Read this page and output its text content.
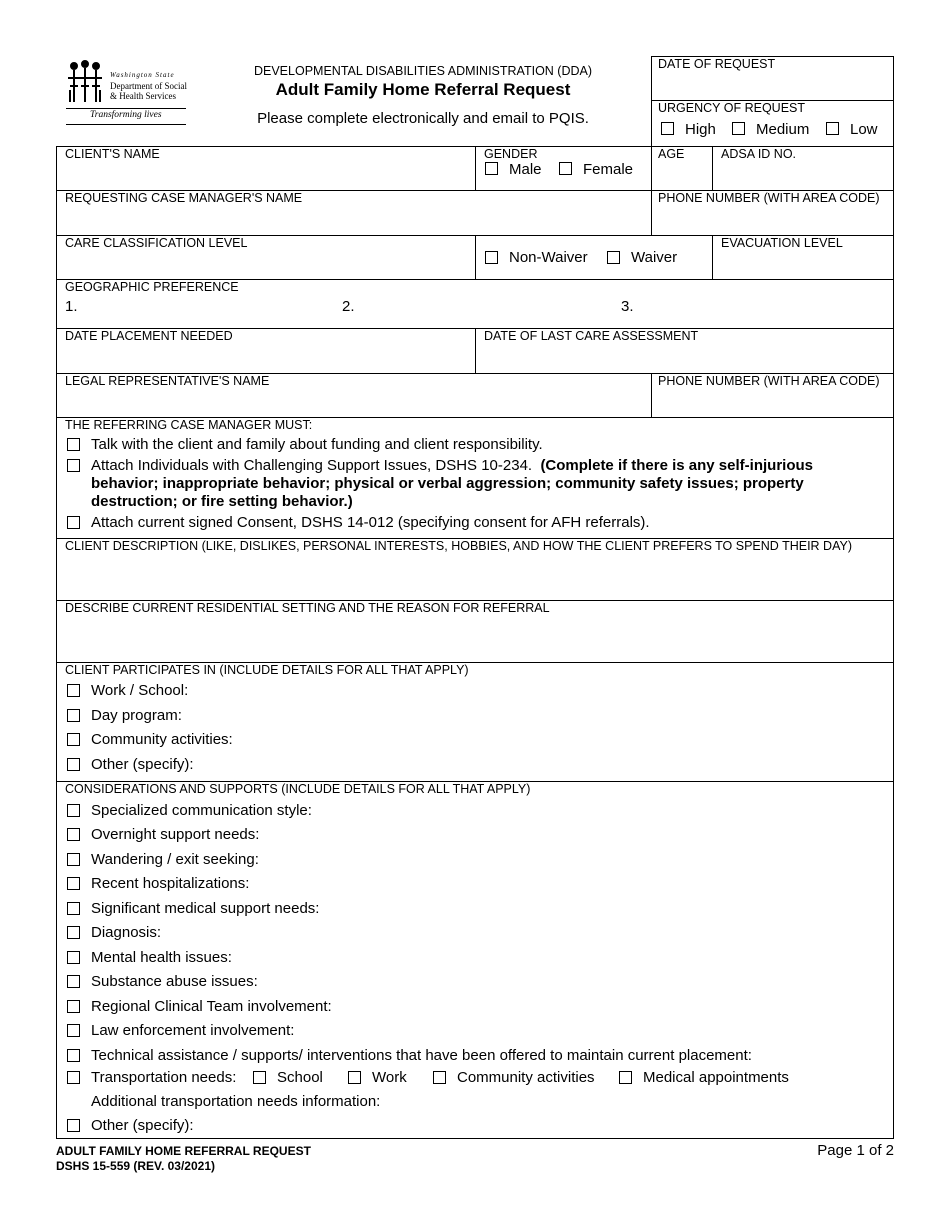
Washington State
Department of Social & Health Services
Transforming lives
DEVELOPMENTAL DISABILITIES ADMINISTRATION (DDA)
Adult Family Home Referral Request
Please complete electronically and email to PQIS.
DATE OF REQUEST
URGENCY OF REQUEST
High	Medium	Low
CLIENT'S NAME	GENDER
Male	Female
AGE	ADSA ID NO.
REQUESTING CASE MANAGER'S NAME	PHONE NUMBER (WITH AREA CODE)
CARE CLASSIFICATION LEVEL
Non-Waiver	Waiver
EVACUATION LEVEL
GEOGRAPHIC PREFERENCE
1.	2.	3.
DATE PLACEMENT NEEDED	DATE OF LAST CARE ASSESSMENT
LEGAL REPRESENTATIVE'S NAME	PHONE NUMBER (WITH AREA CODE)
THE REFERRING CASE MANAGER MUST:
Talk with the client and family about funding and client responsibility.
Attach Individuals with Challenging Support Issues, DSHS 10-234. (Complete if there is any self-injurious behavior; inappropriate behavior; physical or verbal aggression; community safety issues; property destruction; or fire setting behavior.)
Attach current signed Consent, DSHS 14-012 (specifying consent for AFH referrals).
CLIENT DESCRIPTION (LIKE, DISLIKES, PERSONAL INTERESTS, HOBBIES, AND HOW THE CLIENT PREFERS TO SPEND THEIR DAY)
DESCRIBE CURRENT RESIDENTIAL SETTING AND THE REASON FOR REFERRAL
CLIENT PARTICIPATES IN (INCLUDE DETAILS FOR ALL THAT APPLY)
Work / School:
Day program:
Community activities:
Other (specify):
CONSIDERATIONS AND SUPPORTS (INCLUDE DETAILS FOR ALL THAT APPLY)
Specialized communication style:
Overnight support needs:
Wandering / exit seeking:
Recent hospitalizations:
Significant medical support needs:
Diagnosis:
Mental health issues:
Substance abuse issues:
Regional Clinical Team involvement:
Law enforcement involvement:
Technical assistance / supports/ interventions that have been offered to maintain current placement:
Transportation needs:	School	Work	Community activities	Medical appointments
Additional transportation needs information:
Other (specify):
ADULT FAMILY HOME REFERRAL REQUEST
DSHS 15-559 (REV. 03/2021)
Page 1 of 2
